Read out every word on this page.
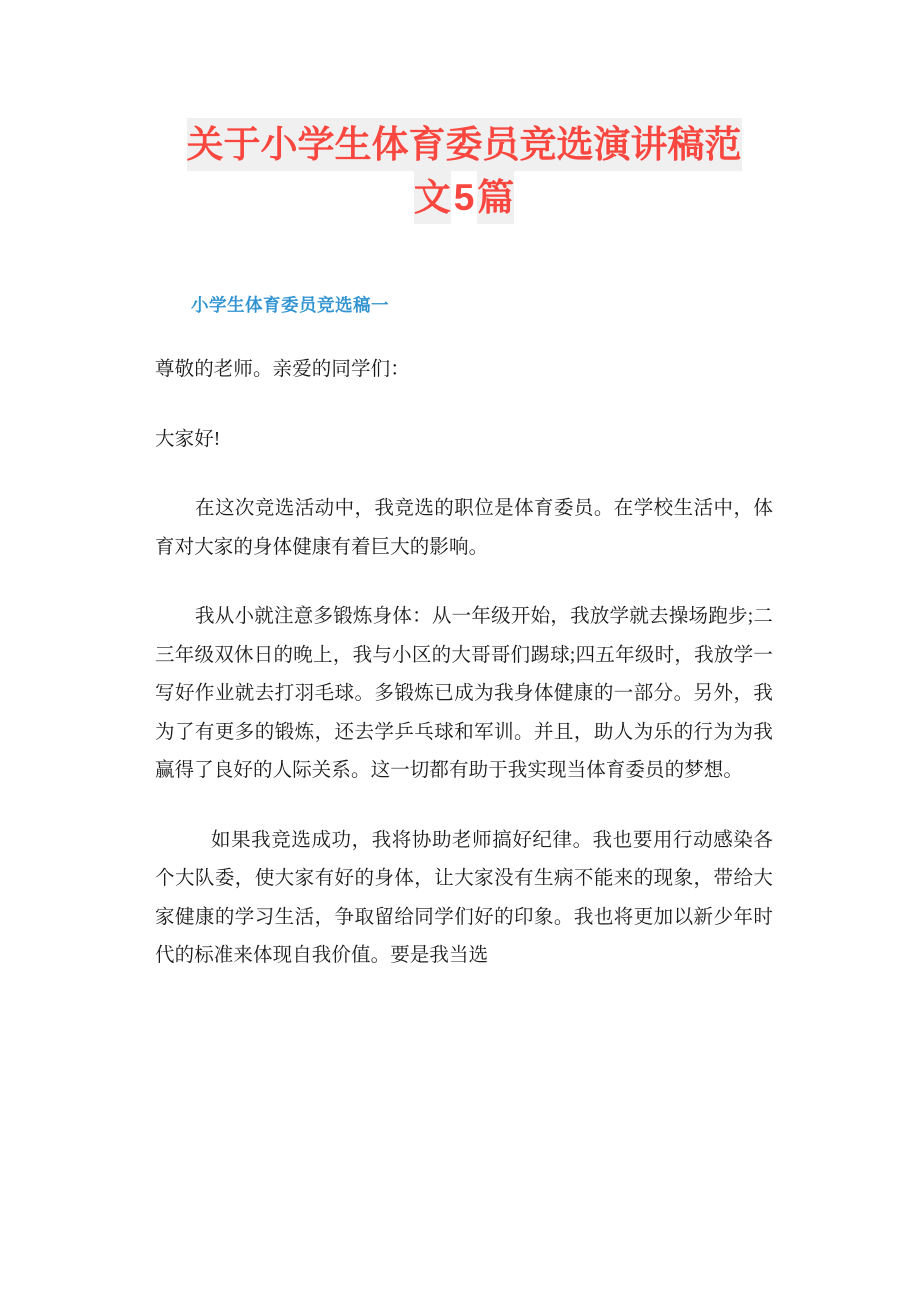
关于小学生体育委员竞选演讲稿范
文5篇
小学生体育委员竞选稿一

尊敬的老师。亲爱的同学们：

大家好!

在这次竞选活动中，我竞选的职位是体育委员。在学校生活中，体育对大家的身体健康有着巨大的影响。

我从小就注意多锻炼身体：从一年级开始，我放学就去操场跑步;二三年级双休日的晚上，我与小区的大哥哥们踢球;四五年级时，我放学一写好作业就去打羽毛球。多锻炼已成为我身体健康的一部分。另外，我为了有更多的锻炼，还去学乒乓球和军训。并且，助人为乐的行为为我赢得了良好的人际关系。这一切都有助于我实现当体育委员的梦想。

如果我竞选成功，我将协助老师搞好纪律。我也要用行动感染各个大队委，使大家有好的身体，让大家没有生病不能来的现象，带给大家健康的学习生活，争取留给同学们好的印象。我也将更加以新少年时代的标准来体现自我价值。要是我当选
